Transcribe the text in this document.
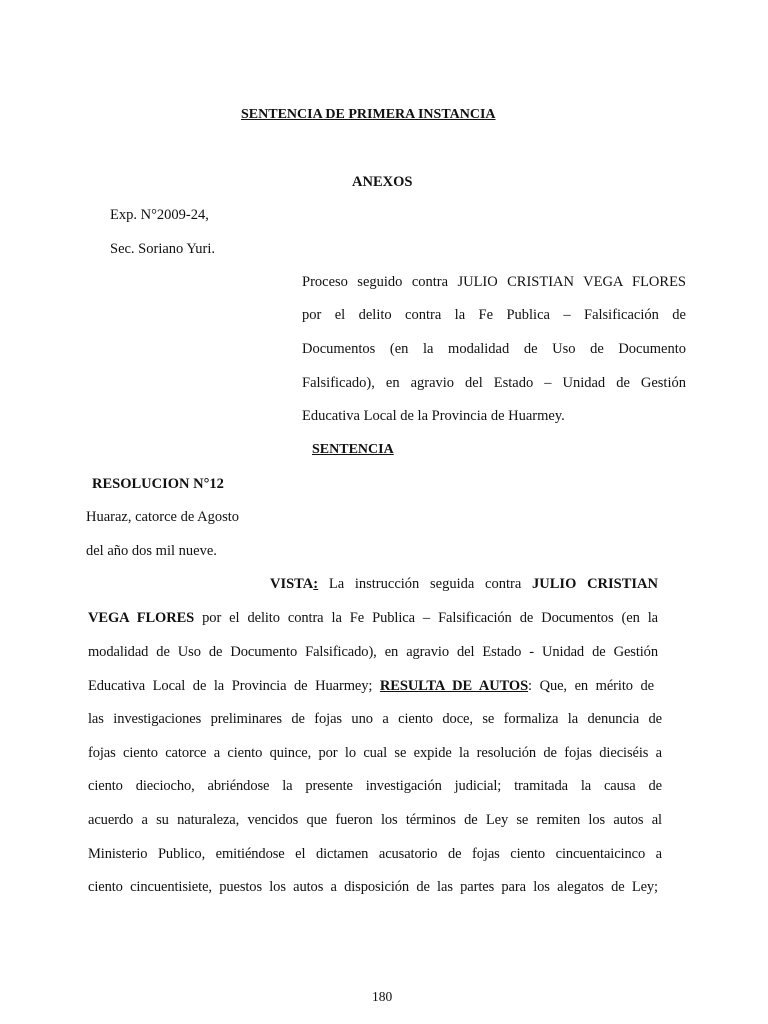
SENTENCIA DE PRIMERA INSTANCIA
ANEXOS
Exp. N°2009-24,
Sec. Soriano Yuri.
Proceso seguido contra JULIO CRISTIAN VEGA FLORES
por el delito contra la Fe Publica – Falsificación de
Documentos (en la modalidad de Uso de Documento
Falsificado), en agravio del Estado – Unidad de Gestión
Educativa Local de la Provincia de Huarmey.
SENTENCIA
RESOLUCION N°12
Huaraz, catorce de Agosto
del año dos mil nueve.
VISTA: La instrucción seguida contra JULIO CRISTIAN
VEGA FLORES por el delito contra la Fe Publica – Falsificación de Documentos (en la
modalidad de Uso de Documento Falsificado), en agravio del Estado - Unidad de Gestión
Educativa Local de la Provincia de Huarmey; RESULTA DE AUTOS: Que, en mérito de
las investigaciones preliminares de fojas uno a ciento doce, se formaliza la denuncia de
fojas ciento catorce a ciento quince, por lo cual se expide la resolución de fojas dieciséis a
ciento dieciocho, abriéndose la presente investigación judicial; tramitada la causa de
acuerdo a su naturaleza, vencidos que fueron los términos de Ley se remiten los autos al
Ministerio Publico, emitiéndose el dictamen acusatorio de fojas ciento cincuentaicinco a
ciento cincuentisiete, puestos los autos a disposición de las partes para los alegatos de Ley;
180
